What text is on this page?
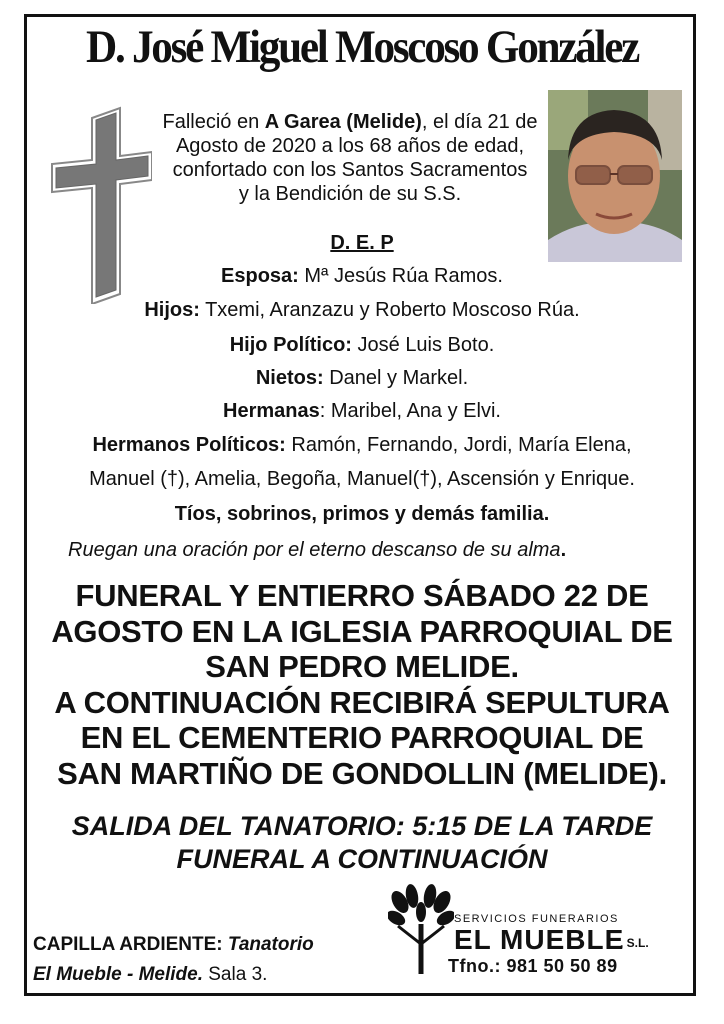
D. José Miguel Moscoso González
Falleció en A Garea (Melide), el día 21 de
Agosto de 2020 a los 68 años de edad,
confortado con los Santos Sacramentos
y la Bendición de su S.S.
D. E. P
Esposa: Mª Jesús Rúa Ramos.
Hijos: Txemi, Aranzazu y Roberto Moscoso Rúa.
Hijo Político: José Luis Boto.
Nietos: Danel y Markel.
Hermanas: Maribel, Ana y Elvi.
Hermanos Políticos: Ramón, Fernando, Jordi, María Elena,
Manuel (†), Amelia, Begoña, Manuel(†), Ascensión y Enrique.
Tíos, sobrinos, primos y demás familia.
Ruegan una oración por el eterno descanso de su alma.
FUNERAL Y ENTIERRO SÁBADO 22 DE
AGOSTO EN LA IGLESIA PARROQUIAL DE
SAN PEDRO MELIDE.
A CONTINUACIÓN RECIBIRÁ SEPULTURA
EN EL CEMENTERIO PARROQUIAL DE
SAN MARTIÑO DE GONDOLLIN (MELIDE).
SALIDA DEL TANATORIO: 5:15 DE LA TARDE
FUNERAL A CONTINUACIÓN
CAPILLA ARDIENTE: Tanatorio
El Mueble - Melide. Sala 3.
SERVICIOS FUNERARIOS
EL MUEBLE
, S.L.
Tfno.: 981 50 50 89
